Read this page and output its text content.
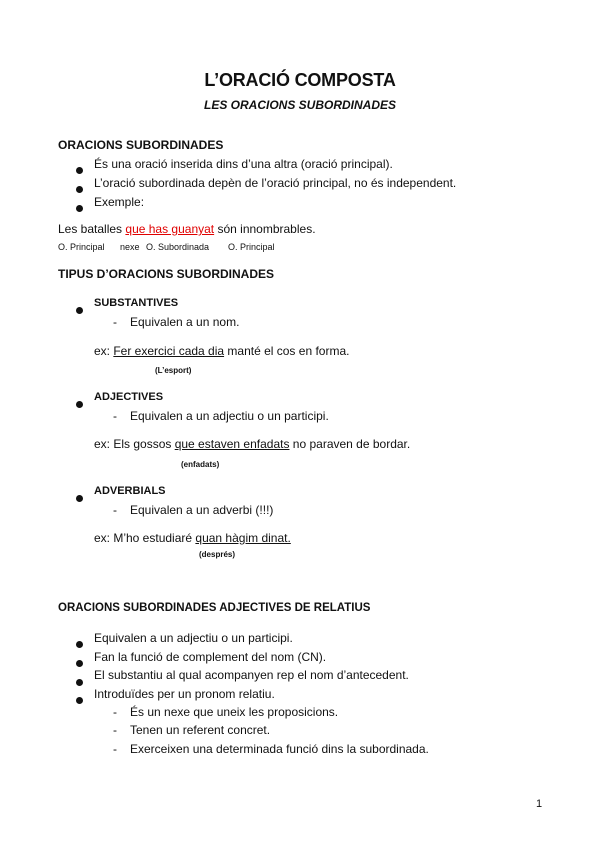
L’ORACIÓ COMPOSTA
LES ORACIONS SUBORDINADES
ORACIONS SUBORDINADES
És una oració inserida dins d’una altra (oració principal).
L’oració subordinada depèn de l’oració principal, no és independent.
Exemple:
Les batalles que has guanyat són innombrables.
O. Principal nexe O. Subordinada O. Principal
TIPUS D’ORACIONS SUBORDINADES
SUBSTANTIVES
- Equivalen a un nom.
ex: Fer exercici cada dia manté el cos en forma.
(L’esport)
ADJECTIVES
- Equivalen a un adjectiu o un participi.
ex: Els gossos que estaven enfadats no paraven de bordar.
(enfadats)
ADVERBIALS
- Equivalen a un adverbi (!!!)
ex: M’ho estudiaré quan hàgim dinat.
(després)
ORACIONS SUBORDINADES ADJECTIVES DE RELATIUS
Equivalen a un adjectiu o un participi.
Fan la funció de complement del nom (CN).
El substantiu al qual acompanyen rep el nom d’antecedent.
Introduïdes per un pronom relatiu.
- És un nexe que uneix les proposicions.
- Tenen un referent concret.
- Exerceixen una determinada funció dins la subordinada.
1
